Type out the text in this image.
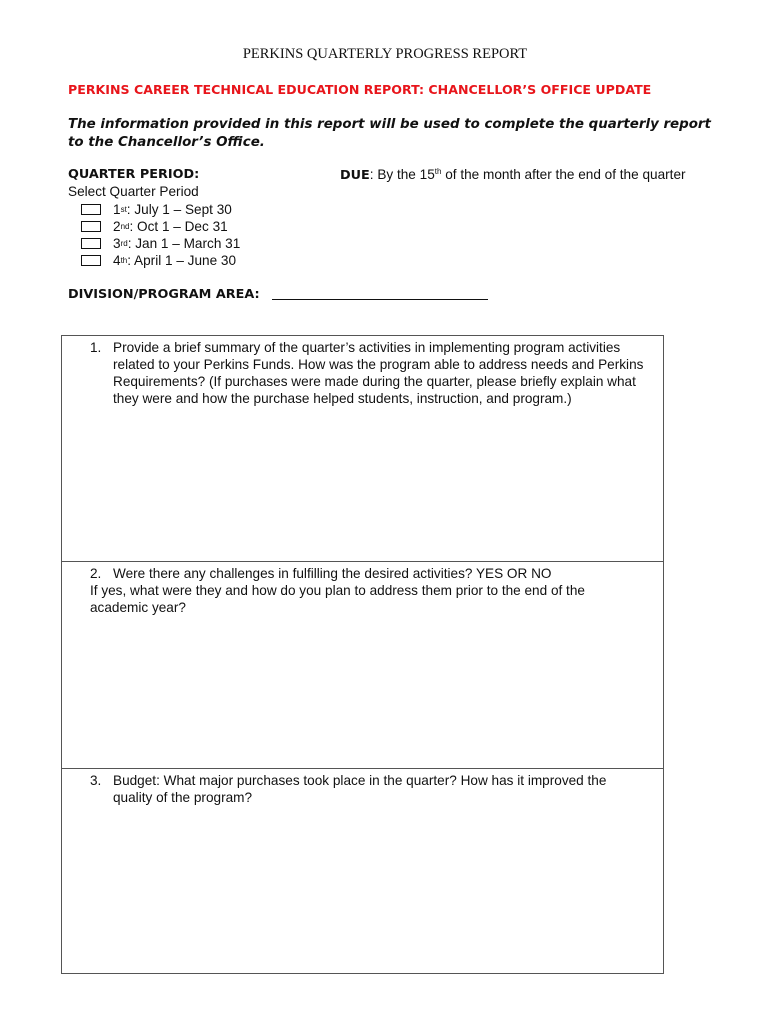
PERKINS QUARTERLY PROGRESS REPORT
PERKINS CAREER TECHNICAL EDUCATION REPORT: CHANCELLOR’S OFFICE UPDATE
The information provided in this report will be used to complete the quarterly report to the Chancellor’s Office.
QUARTER PERIOD:	DUE: By the 15th of the month after the end of the quarter
Select Quarter Period
1 st : July 1 – Sept 30
2 nd : Oct 1 – Dec 31
3 rd : Jan 1 – March 31
4 th : April 1 – June 30
DIVISION/PROGRAM AREA:
1. Provide a brief summary of the quarter’s activities in implementing program activities
related to your Perkins Funds. How was the program able to address needs and Perkins
Requirements? (If purchases were made during the quarter, please briefly explain what
they were and how the purchase helped students, instruction, and program.)
2. Were there any challenges in fulfilling the desired activities? YES OR NO
If yes, what were they and how do you plan to address them prior to the end of the
academic year?
3. Budget: What major purchases took place in the quarter? How has it improved the
quality of the program?
